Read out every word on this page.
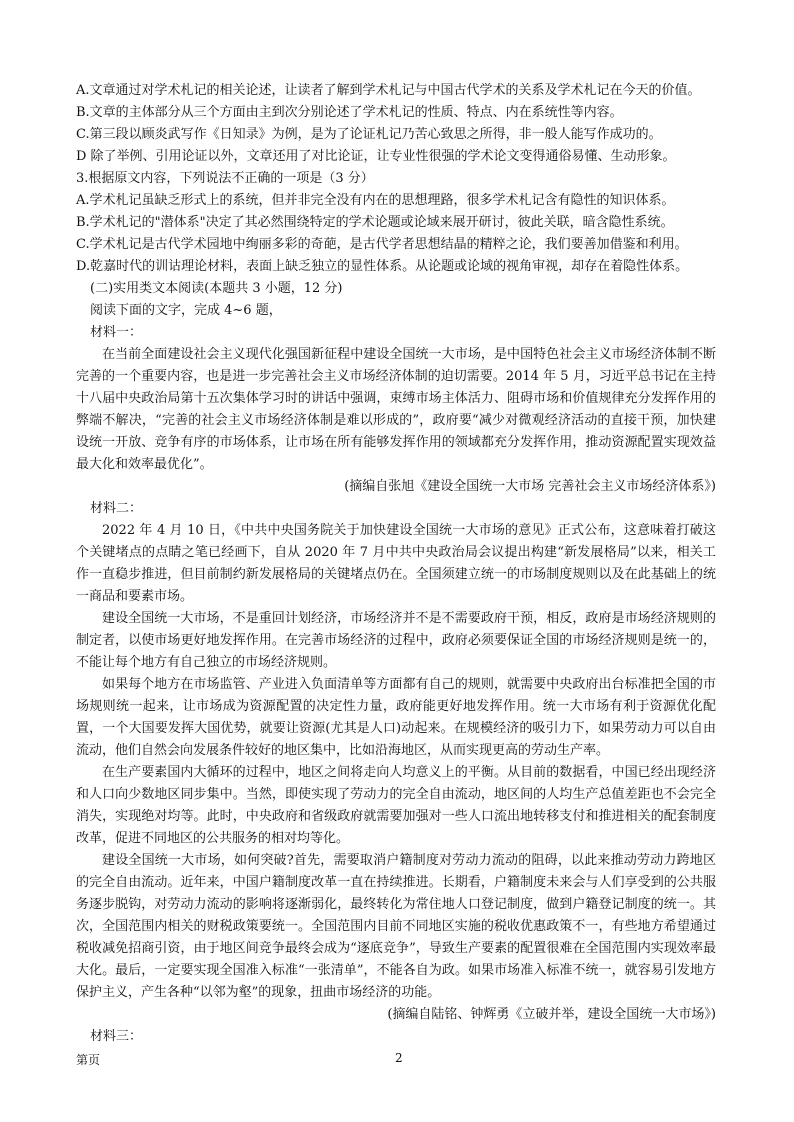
A.文章通过对学术札记的相关论述，让读者了解到学术札记与中国古代学术的关系及学术札记在今天的价值。

B.文章的主体部分从三个方面由主到次分别论述了学术札记的性质、特点、内在系统性等内容。

C.第三段以顾炎武写作《日知录》为例，是为了论证札记乃苦心致思之所得，非一般人能写作成功的。

D 除了举例、引用论证以外，文章还用了对比论证，让专业性很强的学术论文变得通俗易懂、生动形象。

3.根据原文内容，下列说法不正确的一项是（3 分）

A.学术札记虽缺乏形式上的系统，但并非完全没有内在的思想理路，很多学术札记含有隐性的知识体系。

B.学术札记的"潜体系"决定了其必然围绕特定的学术论题或论域来展开研讨，彼此关联，暗含隐性系统。

C.学术札记是古代学术园地中绚丽多彩的奇葩，是古代学者思想结晶的精粹之论，我们要善加借鉴和利用。

D.乾嘉时代的训诂理论材料，表面上缺乏独立的显性体系。从论题或论域的视角审视，却存在着隐性体系。

(二)实用类文本阅读(本题共 3 小题，12 分)

阅读下面的文字，完成 4~6 题，

材料一：

在当前全面建设社会主义现代化强国新征程中建设全国统一大市场，是中国特色社会主义市场经济体制不断完善的一个重要内容，也是进一步完善社会主义市场经济体制的迫切需要。2014 年 5 月，习近平总书记在主持十八届中央政治局第十五次集体学习时的讲话中强调，束缚市场主体活力、阻碍市场和价值规律充分发挥作用的弊端不解决，“完善的社会主义市场经济体制是难以形成的”，政府要“减少对微观经济活动的直接干预，加快建设统一开放、竞争有序的市场体系，让市场在所有能够发挥作用的领域都充分发挥作用，推动资源配置实现效益最大化和效率最优化”。

(摘编自张旭《建设全国统一大市场 完善社会主义市场经济体系》)

材料二：

2022 年 4 月 10 日，《中共中央国务院关于加快建设全国统一大市场的意见》正式公布，这意味着打破这个关键堵点的点睛之笔已经画下，自从 2020 年 7 月中共中央政治局会议提出构建“新发展格局”以来，相关工作一直稳步推进，但目前制约新发展格局的关键堵点仍在。全国须建立统一的市场制度规则以及在此基础上的统一商品和要素市场。

建设全国统一大市场，不是重回计划经济，市场经济并不是不需要政府干预，相反，政府是市场经济规则的制定者，以使市场更好地发挥作用。在完善市场经济的过程中，政府必须要保证全国的市场经济规则是统一的，不能让每个地方有自己独立的市场经济规则。

如果每个地方在市场监管、产业进入负面清单等方面都有自己的规则，就需要中央政府出台标准把全国的市场规则统一起来，让市场成为资源配置的决定性力量，政府能更好地发挥作用。统一大市场有利于资源优化配置，一个大国要发挥大国优势，就要让资源(尤其是人口)动起来。在规模经济的吸引力下，如果劳动力可以自由流动，他们自然会向发展条件较好的地区集中，比如沿海地区，从而实现更高的劳动生产率。

在生产要素国内大循环的过程中，地区之间将走向人均意义上的平衡。从目前的数据看，中国已经出现经济和人口向少数地区同步集中。当然，即使实现了劳动力的完全自由流动，地区间的人均生产总值差距也不会完全消失，实现绝对均等。此时，中央政府和省级政府就需要加强对一些人口流出地转移支付和推进相关的配套制度改革，促进不同地区的公共服务的相对均等化。

建设全国统一大市场，如何突破?首先，需要取消户籍制度对劳动力流动的阻碍，以此来推动劳动力跨地区的完全自由流动。近年来，中国户籍制度改革一直在持续推进。长期看，户籍制度未来会与人们享受到的公共服务逐步脱钩，对劳动力流动的影响将逐渐弱化，最终转化为常住地人口登记制度，做到户籍登记制度的统一。其次，全国范围内相关的财税政策要统一。全国范围内目前不同地区实施的税收优惠政策不一，有些地方希望通过税收减免招商引资，由于地区间竞争最终会成为“逐底竞争”，导致生产要素的配置很难在全国范围内实现效率最大化。最后，一定要实现全国准入标准“一张清单”，不能各自为政。如果市场准入标准不统一，就容易引发地方保护主义，产生各种“以邻为壑”的现象，扭曲市场经济的功能。

(摘编自陆铭、钟辉勇《立破并举，建设全国统一大市场》)

材料三：

第页	2
